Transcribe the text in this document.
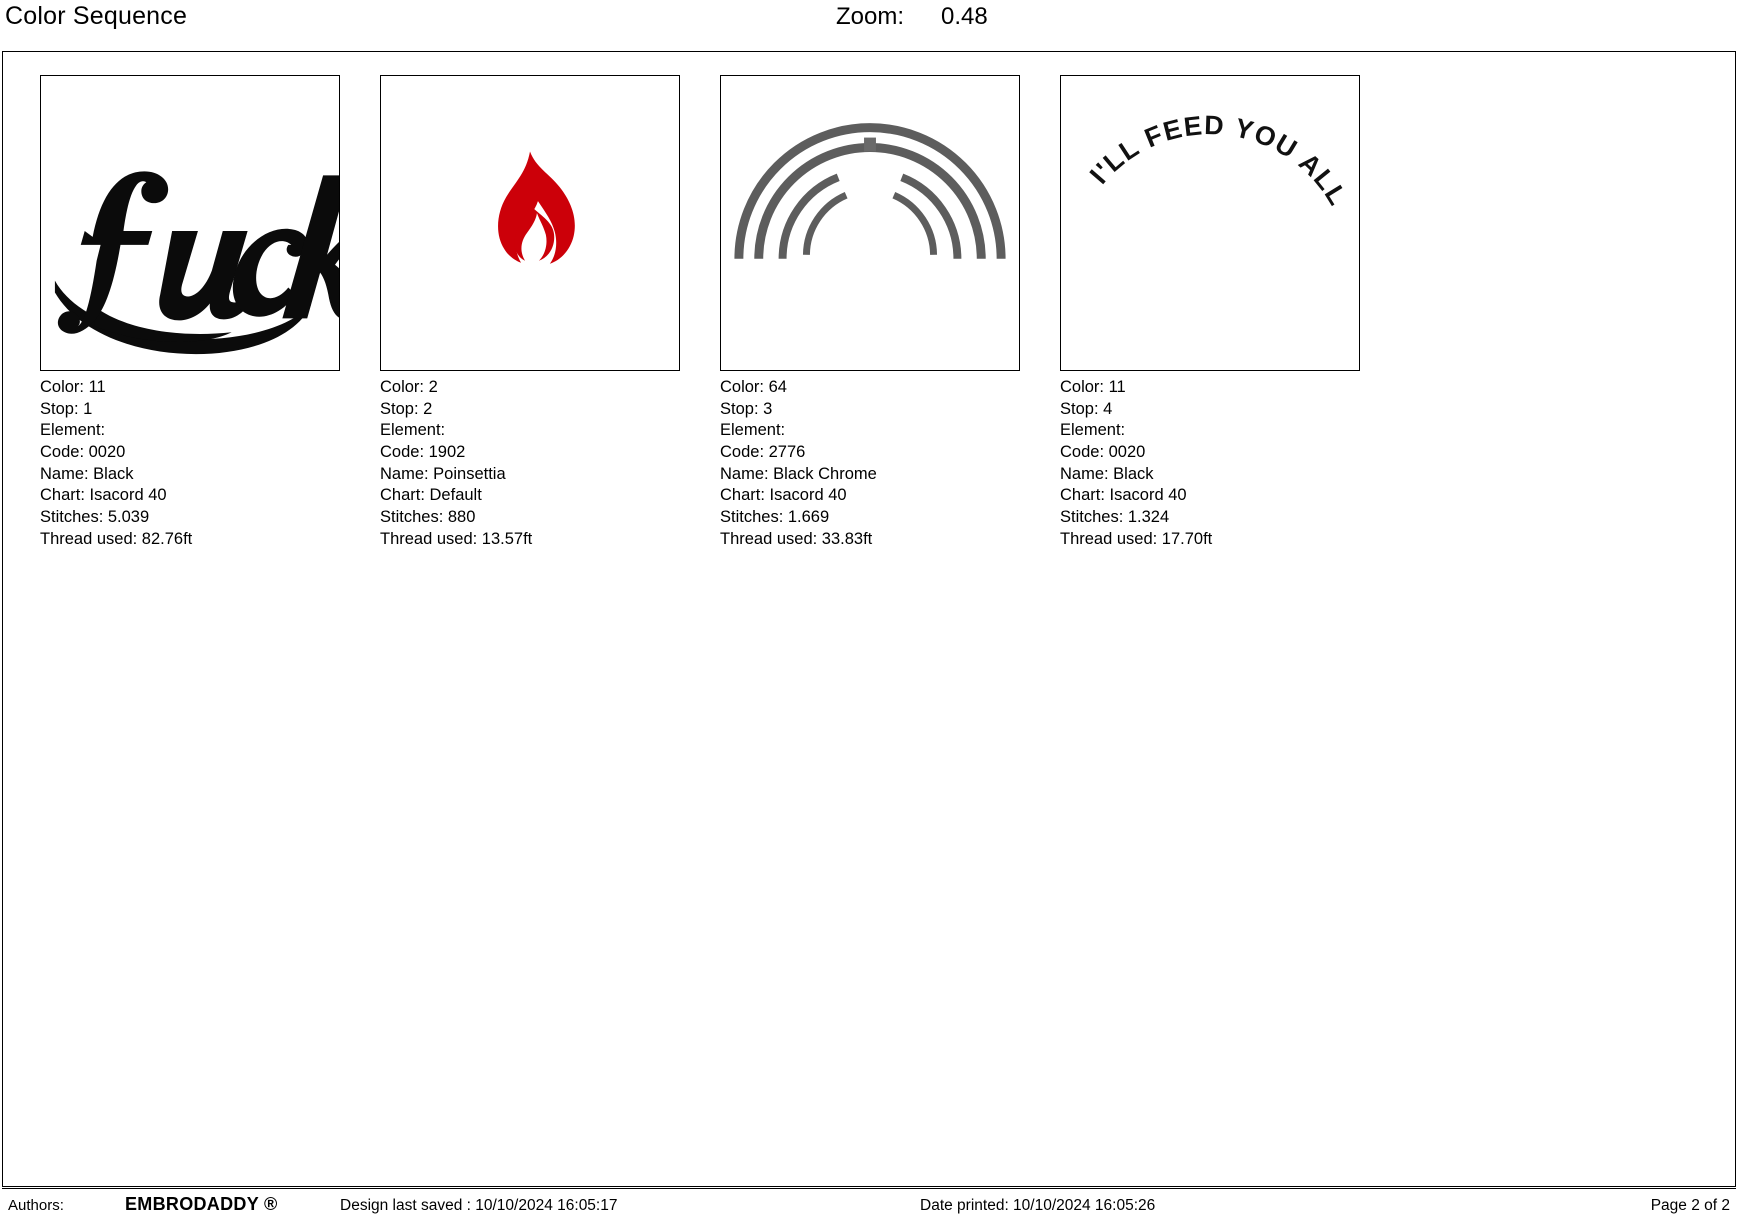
Color Sequence	Zoom: 0.48
Color: 11
Stop: 1
Element:
Code: 0020
Name: Black
Chart: Isacord 40
Stitches: 5.039
Thread used: 82.76ft
Color: 2
Stop: 2
Element:
Code: 1902
Name: Poinsettia
Chart: Default
Stitches: 880
Thread used: 13.57ft
Color: 64
Stop: 3
Element:
Code: 2776
Name: Black Chrome
Chart: Isacord 40
Stitches: 1.669
Thread used: 33.83ft
I'LL FEED YOU ALL
Color: 11
Stop: 4
Element:
Code: 0020
Name: Black
Chart: Isacord 40
Stitches: 1.324
Thread used: 17.70ft
Authors:	EMBRODADDY ®	Design last saved : 10/10/2024 16:05:17	Date printed: 10/10/2024 16:05:26	Page 2 of 2
